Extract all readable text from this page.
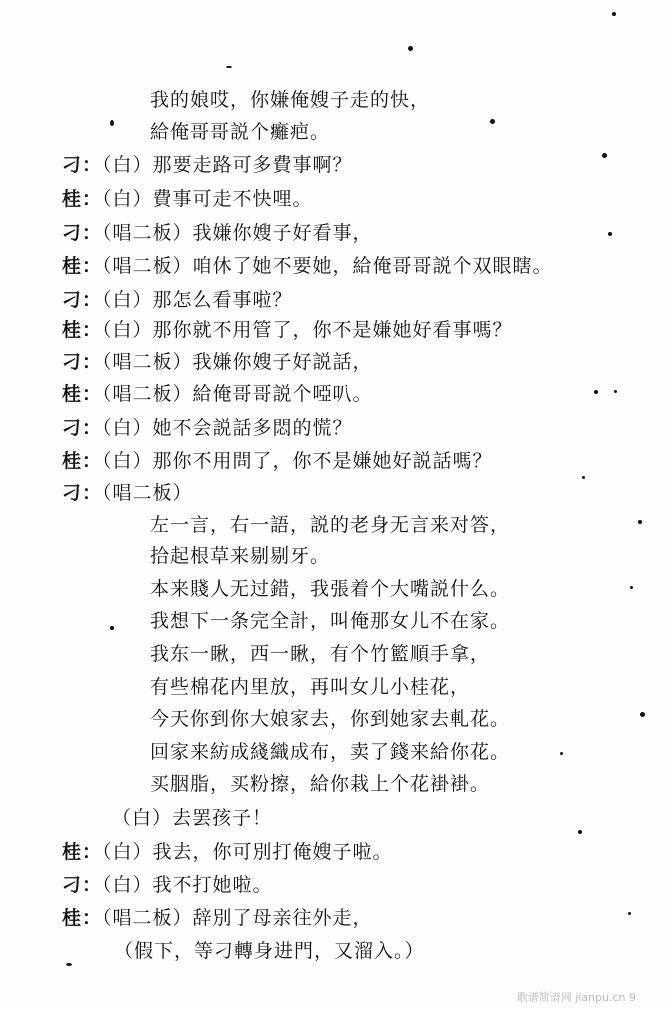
我的娘哎，你嫌俺嫂子走的快，
給俺哥哥説个癱疤。
刁：（白）那要走路可多費事啊？
桂：（白）費事可走不快哩。
刁：（唱二板）我嫌你嫂子好看事，
桂：（唱二板）咱休了她不要她，給俺哥哥説个双眼瞎。
刁：（白）那怎么看事啦？
桂：（白）那你就不用管了，你不是嫌她好看事嗎？
刁：（唱二板）我嫌你嫂子好説話，
桂：（唱二板）給俺哥哥説个啞叭。
刁：（白）她不会説話多悶的慌？
桂：（白）那你不用問了，你不是嫌她好説話嗎？
刁：（唱二板）
左一言，右一語，説的老身无言来对答，
拾起根草来剔剔牙。
本来賤人无过錯，我張着个大嘴説什么。
我想下一条完全計，叫俺那女儿不在家。
我东一瞅，西一瞅，有个竹籃順手拿，
有些棉花内里放，再叫女儿小桂花，
今天你到你大娘家去，你到她家去軋花。
回家来紡成綫織成布，卖了錢来給你花。
买胭脂，买粉擦，給你栽上个花褂褂。
（白）去罢孩子！
桂：（白）我去，你可別打俺嫂子啦。
刁：（白）我不打她啦。
桂：（唱二板）辞別了母亲往外走，
（假下，等刁轉身进門，又溜入。）
歌谱简谱网 jianpu.cn 9
